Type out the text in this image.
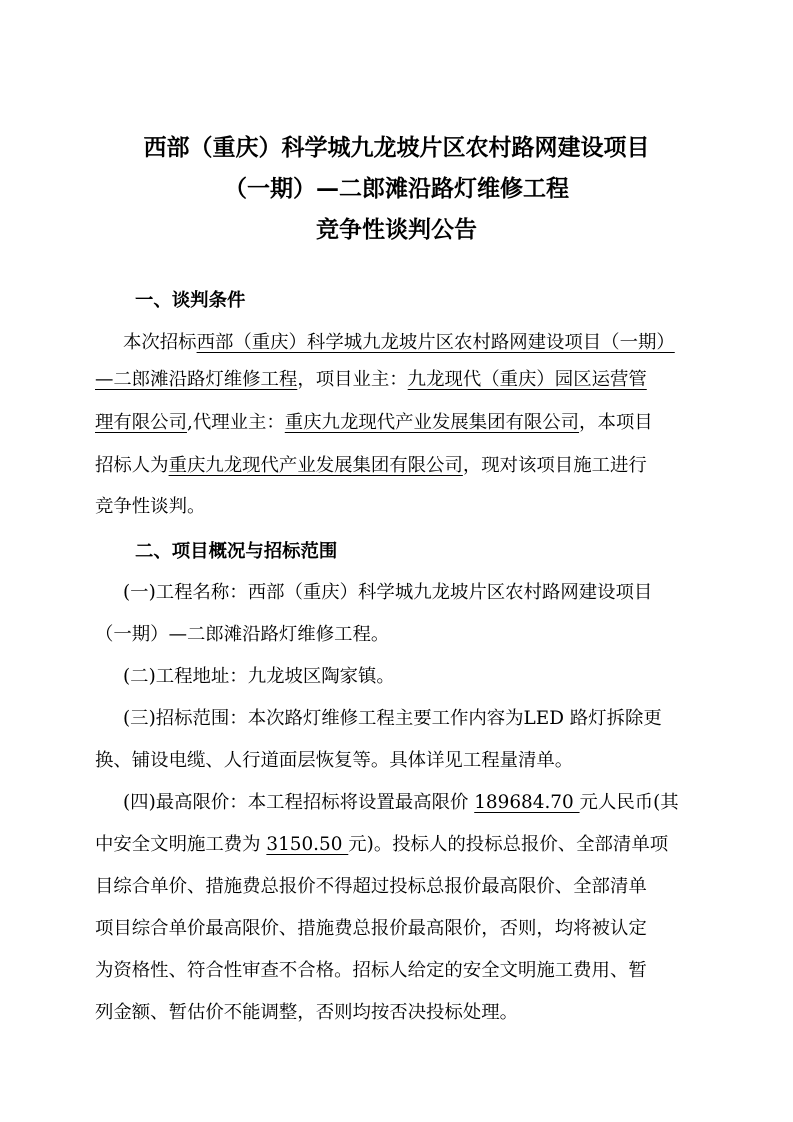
西部（重庆）科学城九龙坡片区农村路网建设项目
（一期）—二郎滩沿路灯维修工程
竞争性谈判公告

一、谈判条件

本次招标西部（重庆）科学城九龙坡片区农村路网建设项目（一期）

—二郎滩沿路灯维修工程，项目业主：九龙现代（重庆）园区运营管

理有限公司,代理业主：重庆九龙现代产业发展集团有限公司，本项目

招标人为重庆九龙现代产业发展集团有限公司，现对该项目施工进行

竞争性谈判。

二、项目概况与招标范围

(一)工程名称：西部（重庆）科学城九龙坡片区农村路网建设项目

（一期）—二郎滩沿路灯维修工程。

(二)工程地址：九龙坡区陶家镇。

(三)招标范围：本次路灯维修工程主要工作内容为LED 路灯拆除更

换、铺设电缆、人行道面层恢复等。具体详见工程量清单。

(四)最高限价：本工程招标将设置最高限价 189684.70 元人民币(其

中安全文明施工费为 3150.50 元)。投标人的投标总报价、全部清单项

目综合单价、措施费总报价不得超过投标总报价最高限价、全部清单

项目综合单价最高限价、措施费总报价最高限价，否则，均将被认定

为资格性、符合性审查不合格。招标人给定的安全文明施工费用、暂

列金额、暂估价不能调整，否则均按否决投标处理。
